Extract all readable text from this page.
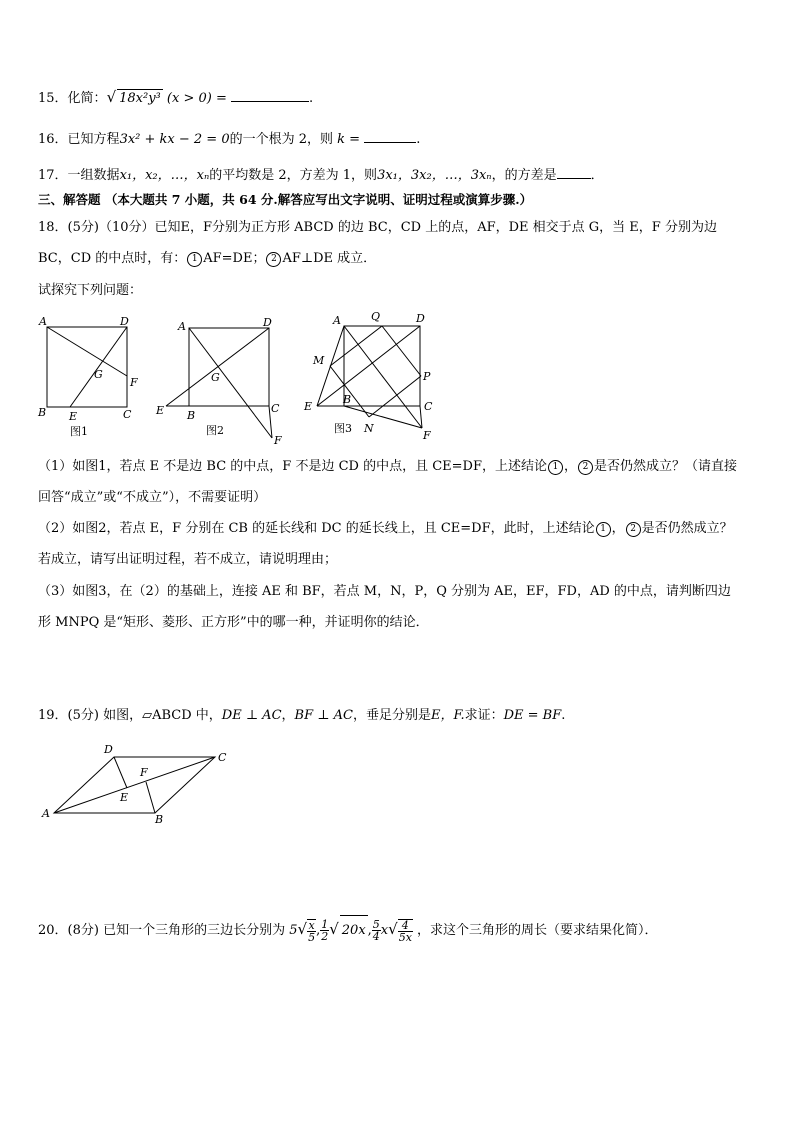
15．化简：√ 18x²y³ (x > 0) =	.
16．已知方程3x² + kx − 2 = 0的一个根为 2，则 k =	.
17．一组数据x₁，x₂，…，xₙ的平均数是 2，方差为 1，则3x₁，3x₂，…，3xₙ，的方差是	．
三、解答题 （本大题共 7 小题，共 64 分.解答应写出文字说明、证明过程或演算步骤.）
18．(5分)（10分）已知E，F分别为正方形 ABCD 的边 BC，CD 上的点，AF，DE 相交于点 G，当 E，F 分别为边
BC，CD 的中点时，有： 1 AF=DE； 2 AF⊥DE 成立．
试探究下列问题：
A	D
G
F
B E	C
图1
A	D
G
E B
C
F
图2
A	Q	D
M
P
E
B
C
N
F
图3
（1）如图1，若点 E 不是边 BC 的中点，F 不是边 CD 的中点，且 CE=DF，上述结论 1 ， 2 是否仍然成立？（请直接
回答“成立”或“不成立”），不需要证明）
（2）如图2，若点 E，F 分别在 CB 的延长线和 DC 的延长线上，且 CE=DF，此时，上述结论 1 ， 2 是否仍然成立？
若成立，请写出证明过程，若不成立，请说明理由；
（3）如图3，在（2）的基础上，连接 AE 和 BF，若点 M，N，P，Q 分别为 AE，EF，FD，AD 的中点，请判断四边
形 MNPQ 是“矩形、菱形、正方形”中的哪一种，并证明你的结论．
19．(5分) 如图，▱ABCD 中，DE ⊥ AC，BF ⊥ AC，垂足分别是E，F.求证：DE = BF.
D
C
F
E
A	B
20．(8分) 已知一个三角形的三边长分别为 $5√ \frac{x}{5}$ , $\frac{1}{2}$ √ 20x , $\frac{5}{4} x√ \frac{4}{5x}$ ，求这个三角形的周长（要求结果化简）．
